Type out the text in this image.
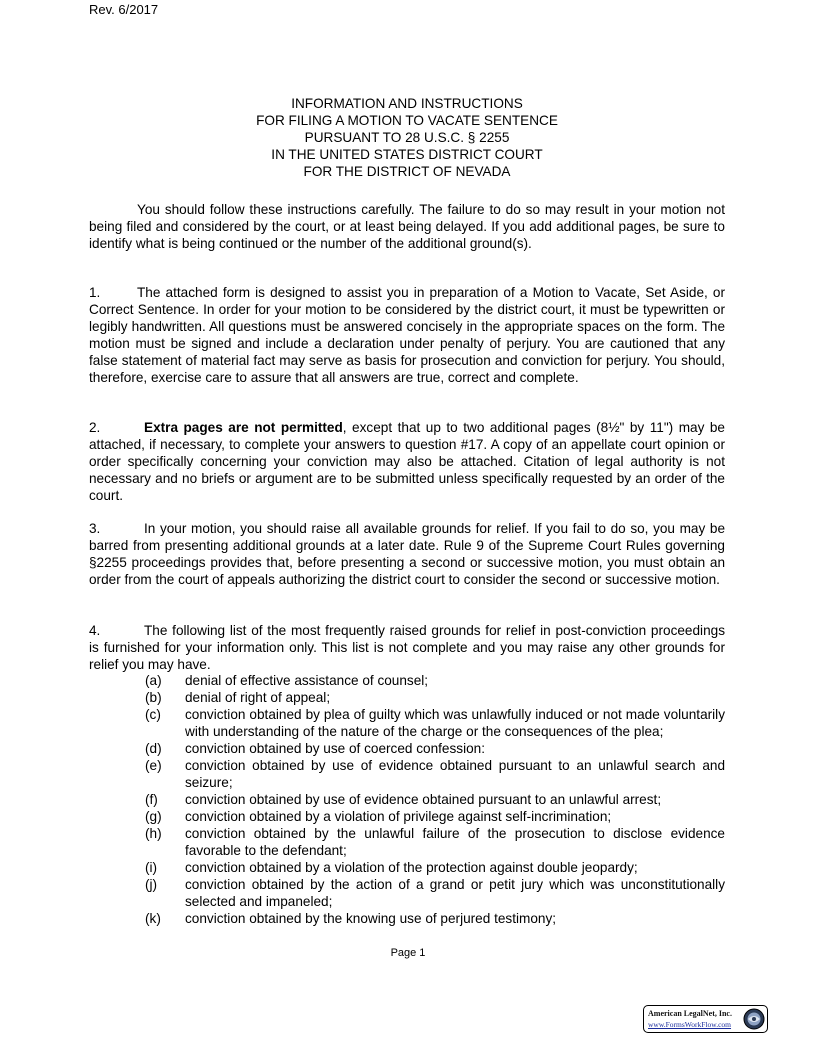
Rev. 6/2017
INFORMATION AND INSTRUCTIONS
FOR FILING A MOTION TO VACATE SENTENCE
PURSUANT TO 28 U.S.C. § 2255
IN THE UNITED STATES DISTRICT COURT
FOR THE DISTRICT OF NEVADA
You should follow these instructions carefully. The failure to do so may result in your motion not being filed and considered by the court, or at least being delayed. If you add additional pages, be sure to identify what is being continued or the number of the additional ground(s).
1.	The attached form is designed to assist you in preparation of a Motion to Vacate, Set Aside, or Correct Sentence. In order for your motion to be considered by the district court, it must be typewritten or legibly handwritten. All questions must be answered concisely in the appropriate spaces on the form. The motion must be signed and include a declaration under penalty of perjury. You are cautioned that any false statement of material fact may serve as basis for prosecution and conviction for perjury. You should, therefore, exercise care to assure that all answers are true, correct and complete.
2.	Extra pages are not permitted, except that up to two additional pages (8½" by 11") may be attached, if necessary, to complete your answers to question #17. A copy of an appellate court opinion or order specifically concerning your conviction may also be attached. Citation of legal authority is not necessary and no briefs or argument are to be submitted unless specifically requested by an order of the court.
3.	In your motion, you should raise all available grounds for relief. If you fail to do so, you may be barred from presenting additional grounds at a later date. Rule 9 of the Supreme Court Rules governing §2255 proceedings provides that, before presenting a second or successive motion, you must obtain an order from the court of appeals authorizing the district court to consider the second or successive motion.
4.	The following list of the most frequently raised grounds for relief in post-conviction proceedings is furnished for your information only. This list is not complete and you may raise any other grounds for relief you may have.
(a)	denial of effective assistance of counsel;
(b)	denial of right of appeal;
(c)	conviction obtained by plea of guilty which was unlawfully induced or not made voluntarily with understanding of the nature of the charge or the consequences of the plea;
(d)	conviction obtained by use of coerced confession:
(e)	conviction obtained by use of evidence obtained pursuant to an unlawful search and seizure;
(f)	conviction obtained by use of evidence obtained pursuant to an unlawful arrest;
(g)	conviction obtained by a violation of privilege against self-incrimination;
(h)	conviction obtained by the unlawful failure of the prosecution to disclose evidence favorable to the defendant;
(i)	conviction obtained by a violation of the protection against double jeopardy;
(j)	conviction obtained by the action of a grand or petit jury which was unconstitutionally selected and impaneled;
(k)	conviction obtained by the knowing use of perjured testimony;
Page 1
American LegalNet, Inc.
www.FormsWorkFlow.com
